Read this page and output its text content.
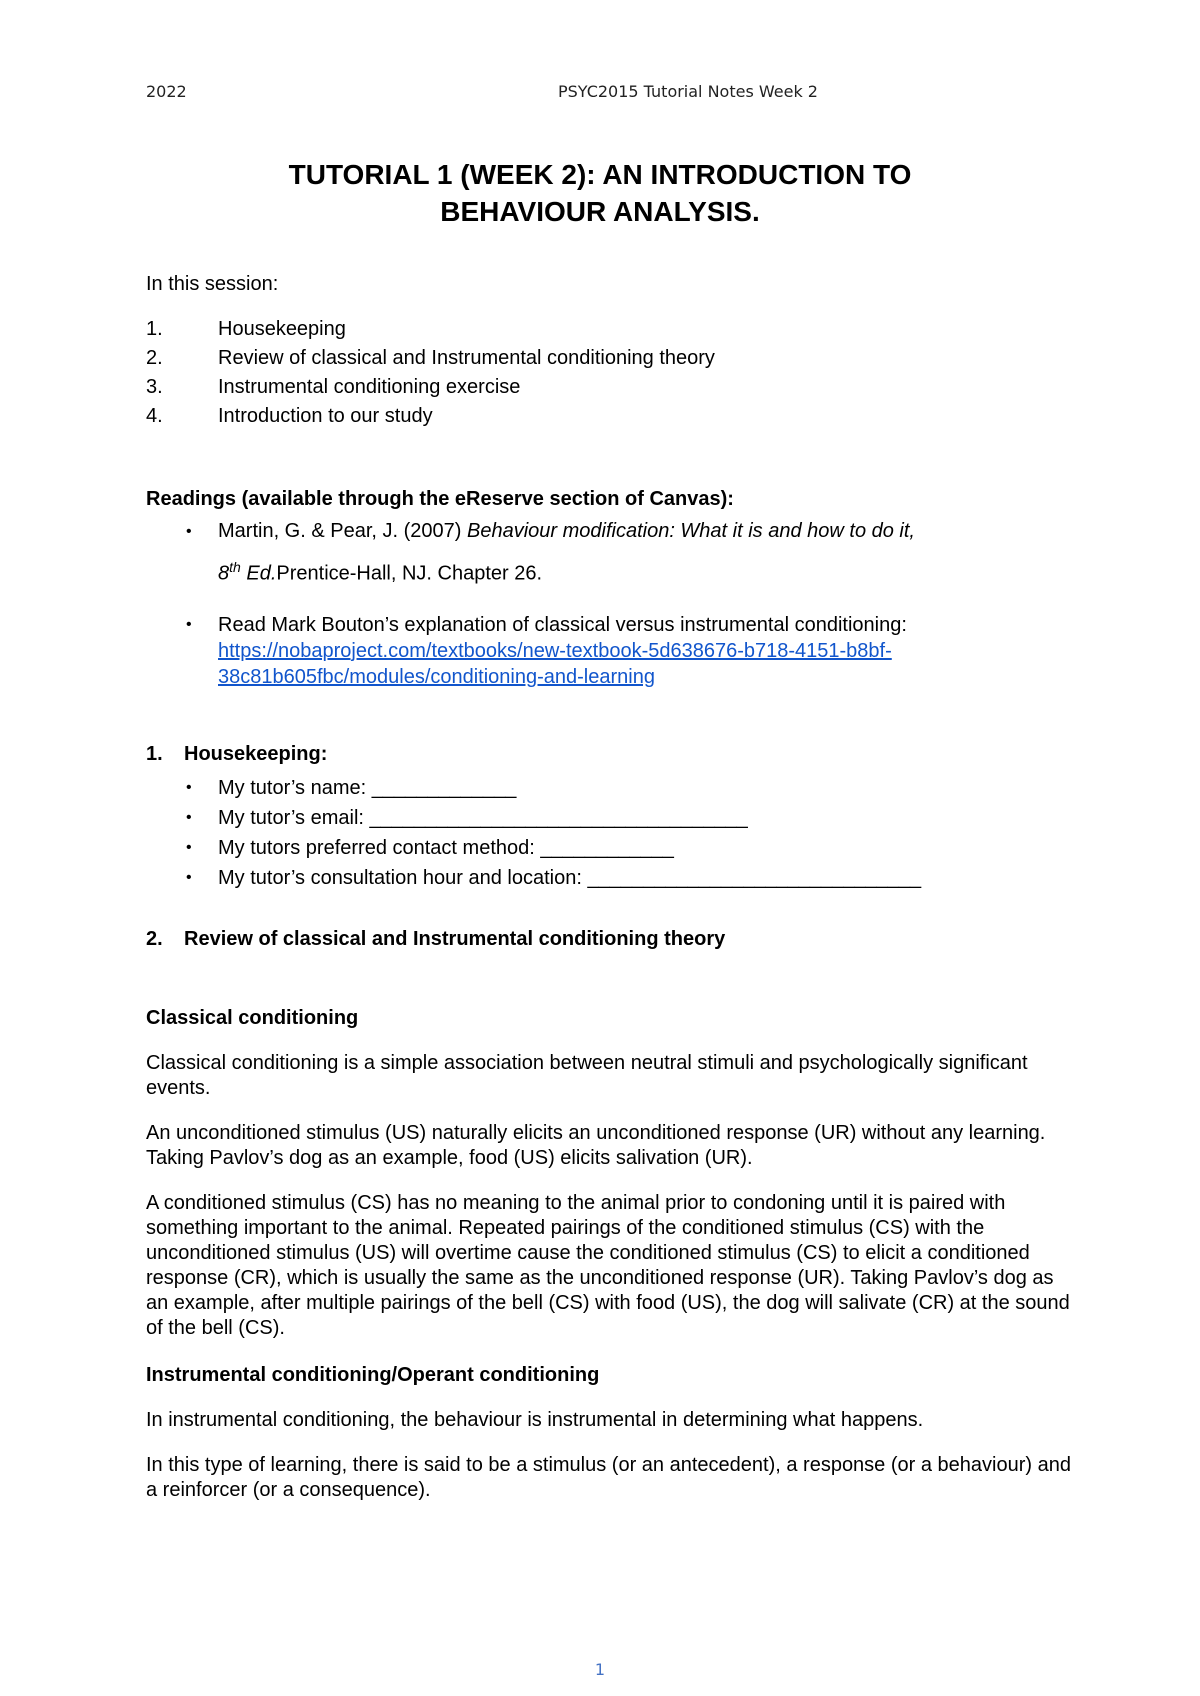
2022	PSYC2015 Tutorial Notes Week 2
TUTORIAL 1 (WEEK 2): AN INTRODUCTION TO
BEHAVIOUR ANALYSIS.
In this session:
1.	Housekeeping
2.	Review of classical and Instrumental conditioning theory
3.	Instrumental conditioning exercise
4.	Introduction to our study
Readings (available through the eReserve section of Canvas):
• Martin, G. & Pear, J. (2007) Behaviour modification: What it is and how to do it,
8th Ed.Prentice-Hall, NJ. Chapter 26.
• Read Mark Bouton’s explanation of classical versus instrumental conditioning:
https://nobaproject.com/textbooks/new-textbook-5d638676-b718-4151-b8bf-
38c81b605fbc/modules/conditioning-and-learning
1. Housekeeping:
• My tutor’s name: _____________
• My tutor’s email: __________________________________
• My tutors preferred contact method: ____________
• My tutor’s consultation hour and location: ______________________________
2. Review of classical and Instrumental conditioning theory
Classical conditioning

Classical conditioning is a simple association between neutral stimuli and psychologically significant events.

An unconditioned stimulus (US) naturally elicits an unconditioned response (UR) without any learning. Taking Pavlov’s dog as an example, food (US) elicits salivation (UR).

A conditioned stimulus (CS) has no meaning to the animal prior to condoning until it is paired with something important to the animal. Repeated pairings of the conditioned stimulus (CS) with the unconditioned stimulus (US) will overtime cause the conditioned stimulus (CS) to elicit a conditioned response (CR), which is usually the same as the unconditioned response (UR). Taking Pavlov’s dog as an example, after multiple pairings of the bell (CS) with food (US), the dog will salivate (CR) at the sound of the bell (CS).

Instrumental conditioning/Operant conditioning

In instrumental conditioning, the behaviour is instrumental in determining what happens.

In this type of learning, there is said to be a stimulus (or an antecedent), a response (or a behaviour) and a reinforcer (or a consequence).

1
